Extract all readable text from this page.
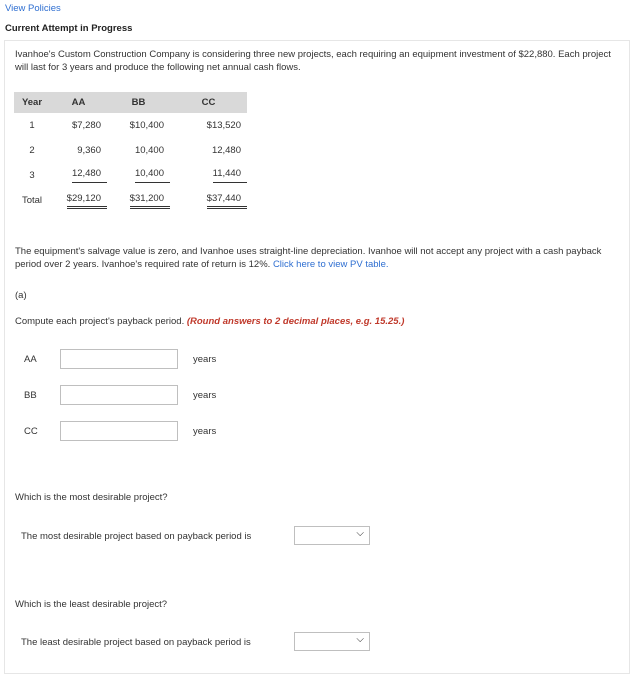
View Policies
Current Attempt in Progress
Ivanhoe's Custom Construction Company is considering three new projects, each requiring an equipment investment of $22,880. Each project will last for 3 years and produce the following net annual cash flows.
Year	AA	BB	CC
1	$7,280	$10,400	$13,520
2	9,360	10,400	12,480
3	12,480	10,400	11,440
Total	$29,120	$31,200	$37,440
The equipment's salvage value is zero, and Ivanhoe uses straight-line depreciation. Ivanhoe will not accept any project with a cash payback period over 2 years. Ivanhoe's required rate of return is 12%. Click here to view PV table.
(a)
Compute each project's payback period. (Round answers to 2 decimal places, e.g. 15.25.)
AA	years
BB	years
CC	years
Which is the most desirable project?
The most desirable project based on payback period is	⌵
Which is the least desirable project?
The least desirable project based on payback period is	⌵
